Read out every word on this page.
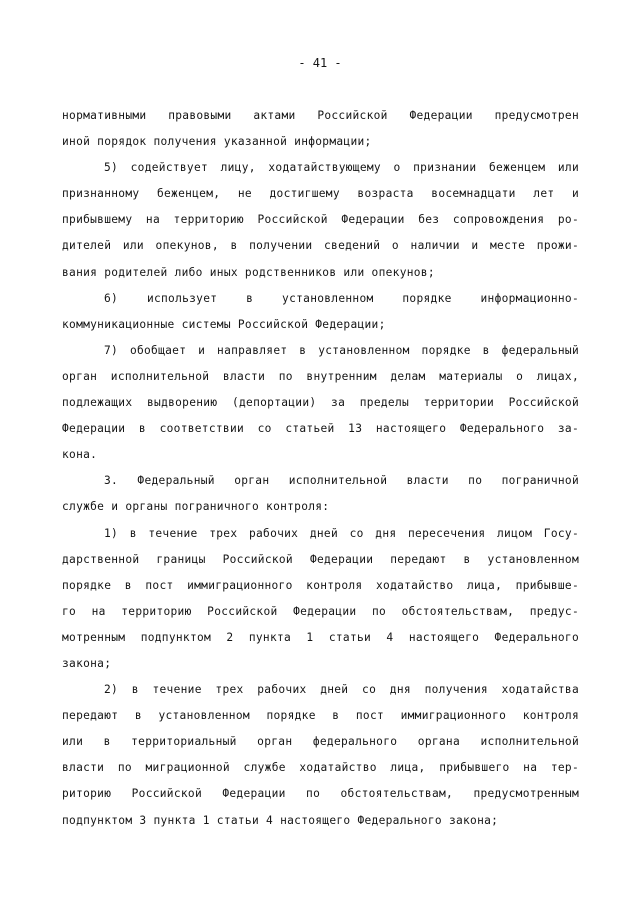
- 41 -
нормативными правовыми актами Российской Федерации предусмотрен
иной порядок получения указанной информации;
5) содействует лицу, ходатайствующему о признании беженцем или
признанному беженцем, не достигшему возраста восемнадцати лет и
прибывшему на территорию Российской Федерации без сопровождения ро-
дителей или опекунов, в получении сведений о наличии и месте прожи-
вания родителей либо иных родственников или опекунов;
6) использует в установленном порядке информационно-
коммуникационные системы Российской Федерации;
7) обобщает и направляет в установленном порядке в федеральный
орган исполнительной власти по внутренним делам материалы о лицах,
подлежащих выдворению (депортации) за пределы территории Российской
Федерации в соответствии со статьей 13 настоящего Федерального за-
кона.
3. Федеральный орган исполнительной власти по пограничной
службе и органы пограничного контроля:
1) в течение трех рабочих дней со дня пересечения лицом Госу-
дарственной границы Российской Федерации передают в установленном
порядке в пост иммиграционного контроля ходатайство лица, прибывше-
го на территорию Российской Федерации по обстоятельствам, предус-
мотренным подпунктом 2 пункта 1 статьи 4 настоящего Федерального
закона;
2) в течение трех рабочих дней со дня получения ходатайства
передают в установленном порядке в пост иммиграционного контроля
или в территориальный орган федерального органа исполнительной
власти по миграционной службе ходатайство лица, прибывшего на тер-
риторию Российской Федерации по обстоятельствам, предусмотренным
подпунктом 3 пункта 1 статьи 4 настоящего Федерального закона;
